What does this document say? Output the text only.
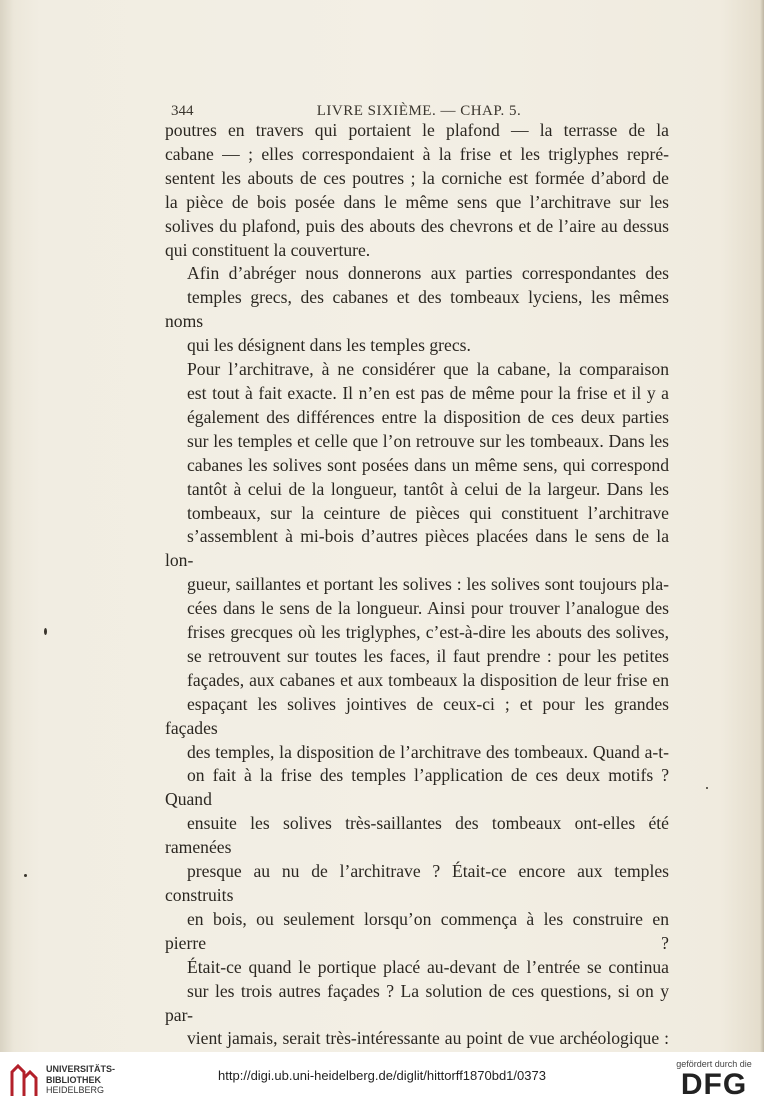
344	LIVRE SIXIÈME. — CHAP. 5.

poutres en travers qui portaient le plafond — la terrasse de la
cabane — ; elles correspondaient à la frise et les triglyphes repré-
sentent les abouts de ces poutres ; la corniche est formée d’abord de
la pièce de bois posée dans le même sens que l’architrave sur les
solives du plafond, puis des abouts des chevrons et de l’aire au dessus
qui constituent la couverture.

Afin d’abréger nous donnerons aux parties correspondantes des
temples grecs, des cabanes et des tombeaux lyciens, les mêmes noms
qui les désignent dans les temples grecs.

Pour l’architrave, à ne considérer que la cabane, la comparaison
est tout à fait exacte. Il n’en est pas de même pour la frise et il y a
également des différences entre la disposition de ces deux parties
sur les temples et celle que l’on retrouve sur les tombeaux. Dans les
cabanes les solives sont posées dans un même sens, qui correspond
tantôt à celui de la longueur, tantôt à celui de la largeur. Dans les
tombeaux, sur la ceinture de pièces qui constituent l’architrave
s’assemblent à mi-bois d’autres pièces placées dans le sens de la lon-
gueur, saillantes et portant les solives : les solives sont toujours pla-
cées dans le sens de la longueur. Ainsi pour trouver l’analogue des
frises grecques où les triglyphes, c’est-à-dire les abouts des solives,
se retrouvent sur toutes les faces, il faut prendre : pour les petites
façades, aux cabanes et aux tombeaux la disposition de leur frise en
espaçant les solives jointives de ceux-ci ; et pour les grandes façades
des temples, la disposition de l’architrave des tombeaux. Quand a-t-
on fait à la frise des temples l’application de ces deux motifs ? Quand
ensuite les solives très-saillantes des tombeaux ont-elles été ramenées
presque au nu de l’architrave ? Était-ce encore aux temples construits
en bois, ou seulement lorsqu’on commença à les construire en pierre ?
Était-ce quand le portique placé au-devant de l’entrée se continua
sur les trois autres façades ? La solution de ces questions, si on y par-
vient jamais, serait très-intéressante au point de vue archéologique :

UNIVERSITÄTS-
BIBLIOTHEK
HEIDELBERG
http://digi.ub.uni-heidelberg.de/diglit/hittorff1870bd1/0373
gefördert durch die
DFG
